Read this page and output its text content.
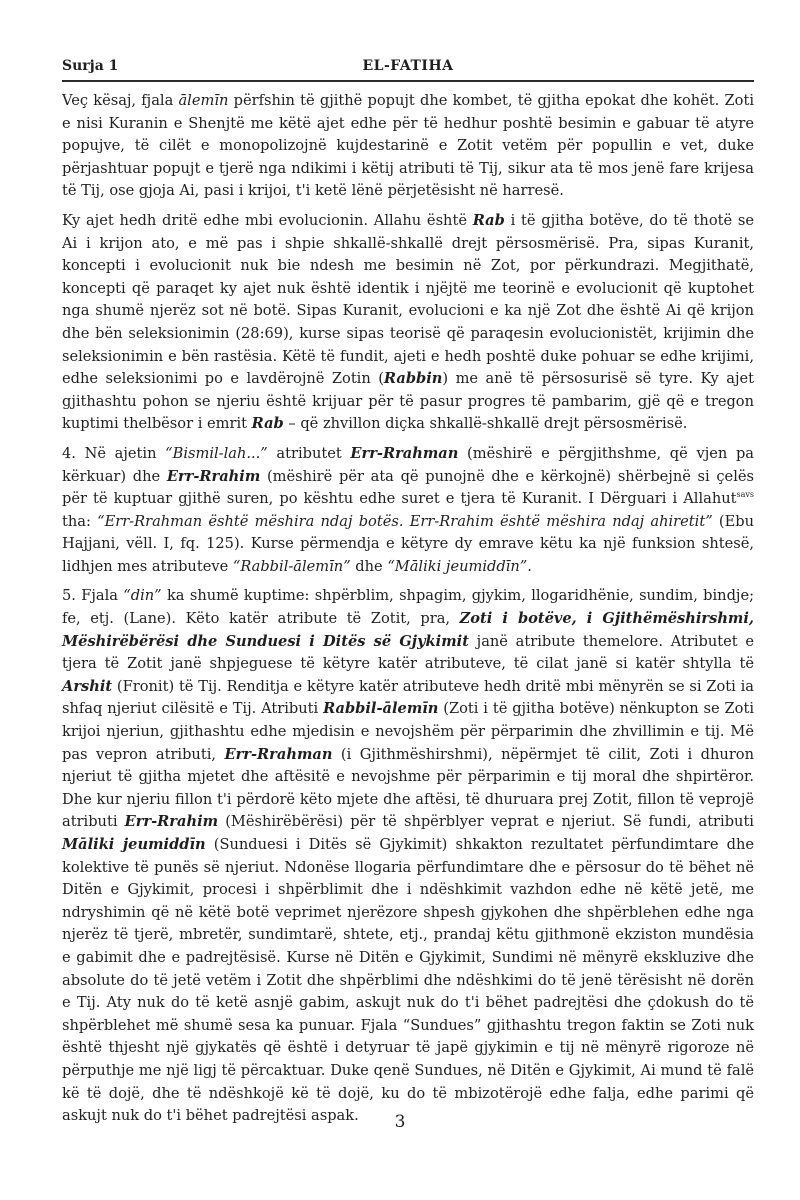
Surja 1	EL-FATIHA

Veç kësaj, fjala ālemīn përfshin të gjithë popujt dhe kombet, të gjitha epokat dhe kohët. Zoti e nisi Kuranin e Shenjtë me këtë ajet edhe për të hedhur poshtë besimin e gabuar të atyre popujve, të cilët e monopolizojnë kujdestarinë e Zotit vetëm për popullin e vet, duke përjashtuar popujt e tjerë nga ndikimi i këtij atributi të Tij, sikur ata të mos jenë fare krijesa të Tij, ose gjoja Ai, pasi i krijoi, t'i ketë lënë përjetësisht në harresë.

Ky ajet hedh dritë edhe mbi evolucionin. Allahu është Rab i të gjitha botëve, do të thotë se Ai i krijon ato, e më pas i shpie shkallë-shkallë drejt përsosmërisë. Pra, sipas Kuranit, koncepti i evolucionit nuk bie ndesh me besimin në Zot, por përkundrazi. Megjithatë, koncepti që paraqet ky ajet nuk është identik i njëjtë me teorinë e evolucionit që kuptohet nga shumë njerëz sot në botë. Sipas Kuranit, evolucioni e ka një Zot dhe është Ai që krijon dhe bën seleksionimin (28:69), kurse sipas teorisë që paraqesin evolucionistët, krijimin dhe seleksionimin e bën rastësia. Këtë të fundit, ajeti e hedh poshtë duke pohuar se edhe krijimi, edhe seleksionimi po e lavdërojnë Zotin (Rabbin) me anë të përsosurisë së tyre. Ky ajet gjithashtu pohon se njeriu është krijuar për të pasur progres të pambarim, gjë që e tregon kuptimi thelbësor i emrit Rab – që zhvillon diçka shkallë-shkallë drejt përsosmërisë.

4. Në ajetin “Bismil-lah...” atributet Err-Rrahman (mëshirë e përgjithshme, që vjen pa kërkuar) dhe Err-Rrahim (mëshirë për ata që punojnë dhe e kërkojnë) shërbejnë si çelës për të kuptuar gjithë suren, po kështu edhe suret e tjera të Kuranit. I Dërguari i Allahut$^{savs}$ tha: “Err-Rrahman është mëshira ndaj botës. Err-Rrahim është mëshira ndaj ahiretit” (Ebu Hajjani, vëll. I, fq. 125). Kurse përmendja e këtyre dy emrave këtu ka një funksion shtesë, lidhjen mes atributeve “Rabbil-ālemīn” dhe “Māliki jeumiddīn”.

5. Fjala “din” ka shumë kuptime: shpërblim, shpagim, gjykim, llogaridhënie, sundim, bindje; fe, etj. (Lane). Këto katër atribute të Zotit, pra, Zoti i botëve, i Gjithëmëshirshmi, Mëshirëbërësi dhe Sunduesi i Ditës së Gjykimit janë atribute themelore. Atributet e tjera të Zotit janë shpjeguese të këtyre katër atributeve, të cilat janë si katër shtylla të Arshit (Fronit) të Tij. Renditja e këtyre katër atributeve hedh dritë mbi mënyrën se si Zoti ia shfaq njeriut cilësitë e Tij. Atributi Rabbil-ālemīn (Zoti i të gjitha botëve) nënkupton se Zoti krijoi njeriun, gjithashtu edhe mjedisin e nevojshëm për përparimin dhe zhvillimin e tij. Më pas vepron atributi, Err-Rrahman (i Gjithmëshirshmi), nëpërmjet të cilit, Zoti i dhuron njeriut të gjitha mjetet dhe aftësitë e nevojshme për përparimin e tij moral dhe shpirtëror. Dhe kur njeriu fillon t'i përdorë këto mjete dhe aftësi, të dhuruara prej Zotit, fillon të veprojë atributi Err-Rrahim (Mëshirëbërësi) për të shpërblyer veprat e njeriut. Së fundi, atributi Māliki jeumiddīn (Sunduesi i Ditës së Gjykimit) shkakton rezultatet përfundimtare dhe kolektive të punës së njeriut. Ndonëse llogaria përfundimtare dhe e përsosur do të bëhet në Ditën e Gjykimit, procesi i shpërblimit dhe i ndëshkimit vazhdon edhe në këtë jetë, me ndryshimin që në këtë botë veprimet njerëzore shpesh gjykohen dhe shpërblehen edhe nga njerëz të tjerë, mbretër, sundimtarë, shtete, etj., prandaj këtu gjithmonë ekziston mundësia e gabimit dhe e padrejtësisë. Kurse në Ditën e Gjykimit, Sundimi në mënyrë ekskluzive dhe absolute do të jetë vetëm i Zotit dhe shpërblimi dhe ndëshkimi do të jenë tërësisht në dorën e Tij. Aty nuk do të ketë asnjë gabim, askujt nuk do t'i bëhet padrejtësi dhe çdokush do të shpërblehet më shumë sesa ka punuar. Fjala “Sundues” gjithashtu tregon faktin se Zoti nuk është thjesht një gjykatës që është i detyruar të japë gjykimin e tij në mënyrë rigoroze në përputhje me një ligj të përcaktuar. Duke qenë Sundues, në Ditën e Gjykimit, Ai mund të falë kë të dojë, dhe të ndëshkojë kë të dojë, ku do të mbizotërojë edhe falja, edhe parimi që askujt nuk do t'i bëhet padrejtësi aspak.	3
